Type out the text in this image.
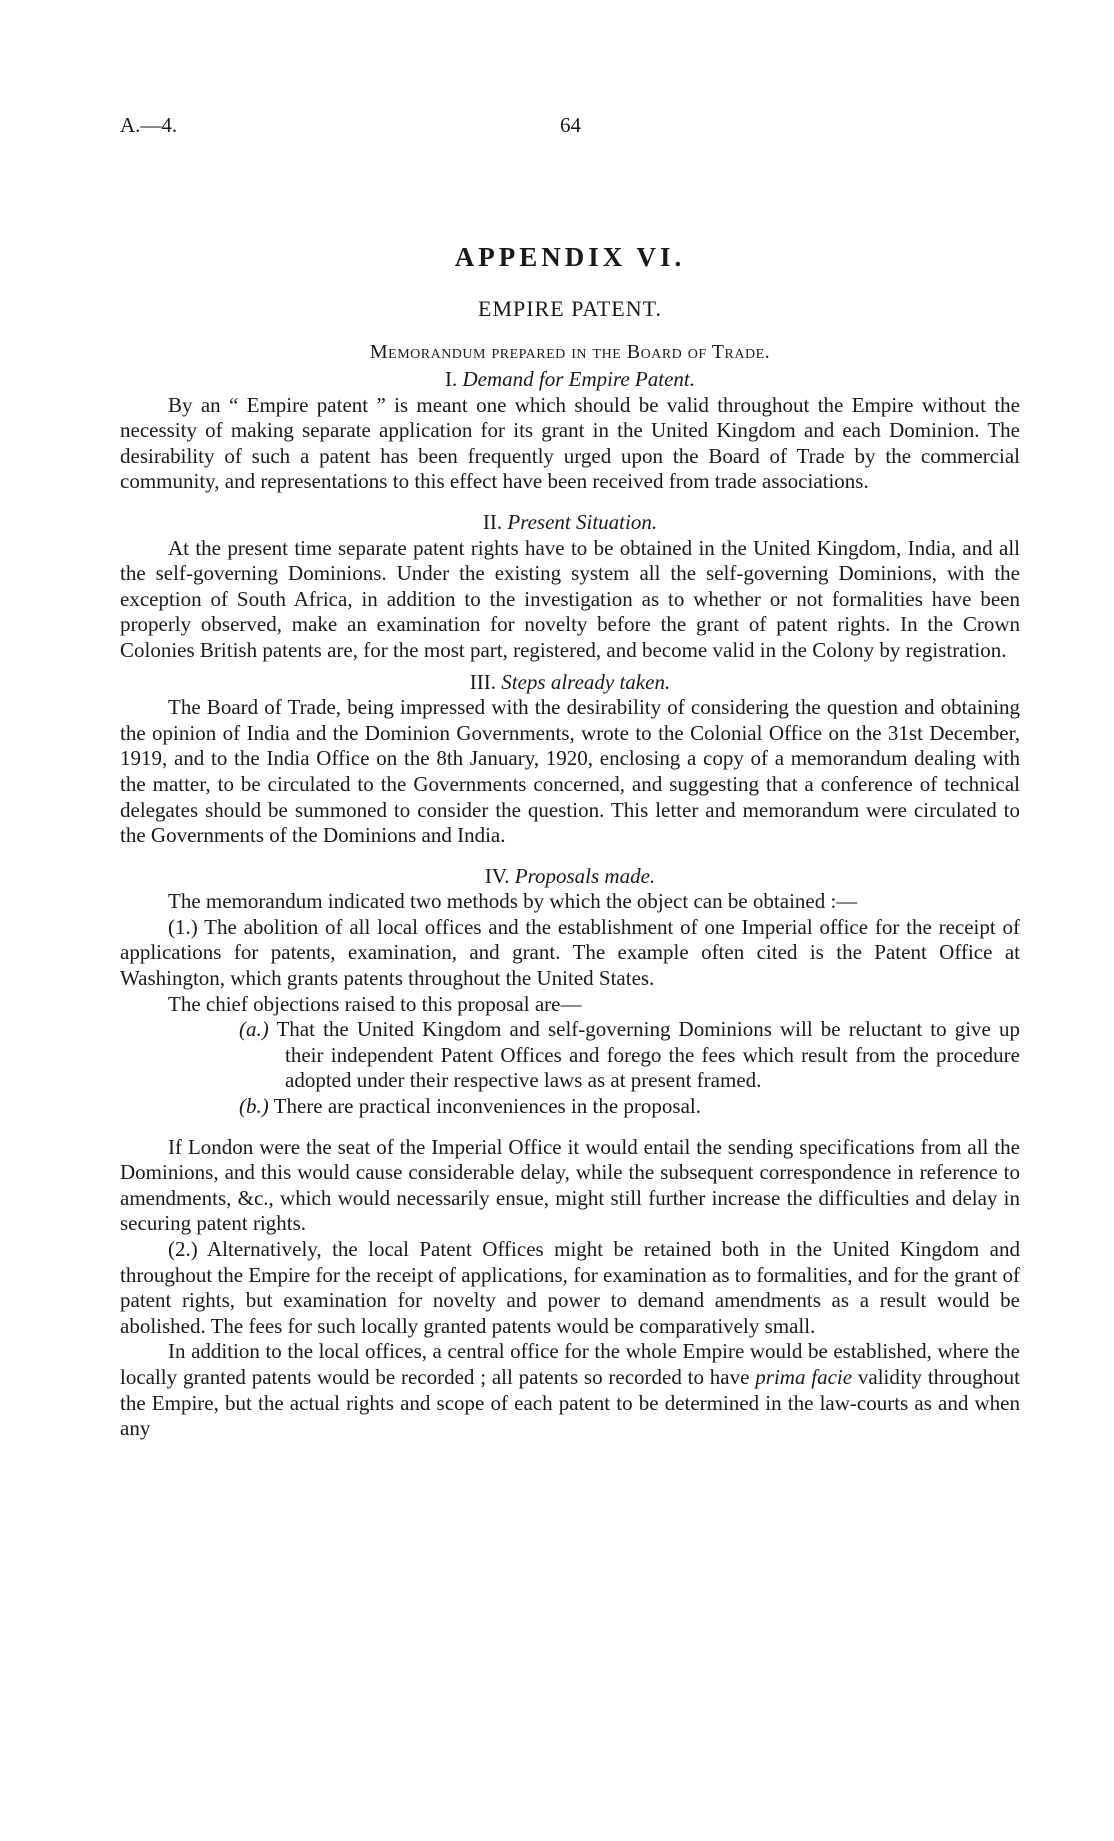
A.—4.	64
APPENDIX VI.
EMPIRE PATENT.
Memorandum prepared in the Board of Trade.
I. Demand for Empire Patent.

By an “ Empire patent ” is meant one which should be valid throughout the Empire without the necessity of making separate application for its grant in the United Kingdom and each Dominion. The desirability of such a patent has been frequently urged upon the Board of Trade by the commercial community, and representations to this effect have been received from trade associations.

II. Present Situation.

At the present time separate patent rights have to be obtained in the United Kingdom, India, and all the self-governing Dominions. Under the existing system all the self-governing Dominions, with the exception of South Africa, in addition to the investigation as to whether or not formalities have been properly observed, make an examination for novelty before the grant of patent rights. In the Crown Colonies British patents are, for the most part, registered, and become valid in the Colony by registration.

III. Steps already taken.

The Board of Trade, being impressed with the desirability of considering the question and obtaining the opinion of India and the Dominion Governments, wrote to the Colonial Office on the 31st December, 1919, and to the India Office on the 8th January, 1920, enclosing a copy of a memorandum dealing with the matter, to be circulated to the Governments concerned, and suggesting that a conference of technical delegates should be summoned to consider the question. This letter and memorandum were circulated to the Governments of the Dominions and India.

IV. Proposals made.

The memorandum indicated two methods by which the object can be obtained :—

(1.) The abolition of all local offices and the establishment of one Imperial office for the receipt of applications for patents, examination, and grant. The example often cited is the Patent Office at Washington, which grants patents throughout the United States.

The chief objections raised to this proposal are—

(a.) That the United Kingdom and self-governing Dominions will be reluctant to give up their independent Patent Offices and forego the fees which result from the procedure adopted under their respective laws as at present framed.
(b.) There are practical inconveniences in the proposal.

If London were the seat of the Imperial Office it would entail the sending specifications from all the Dominions, and this would cause considerable delay, while the subsequent correspondence in reference to amendments, &c., which would necessarily ensue, might still further increase the difficulties and delay in securing patent rights.

(2.) Alternatively, the local Patent Offices might be retained both in the United Kingdom and throughout the Empire for the receipt of applications, for examination as to formalities, and for the grant of patent rights, but examination for novelty and power to demand amendments as a result would be abolished. The fees for such locally granted patents would be comparatively small.

In addition to the local offices, a central office for the whole Empire would be established, where the locally granted patents would be recorded ; all patents so recorded to have prima facie validity throughout the Empire, but the actual rights and scope of each patent to be determined in the law-courts as and when any
